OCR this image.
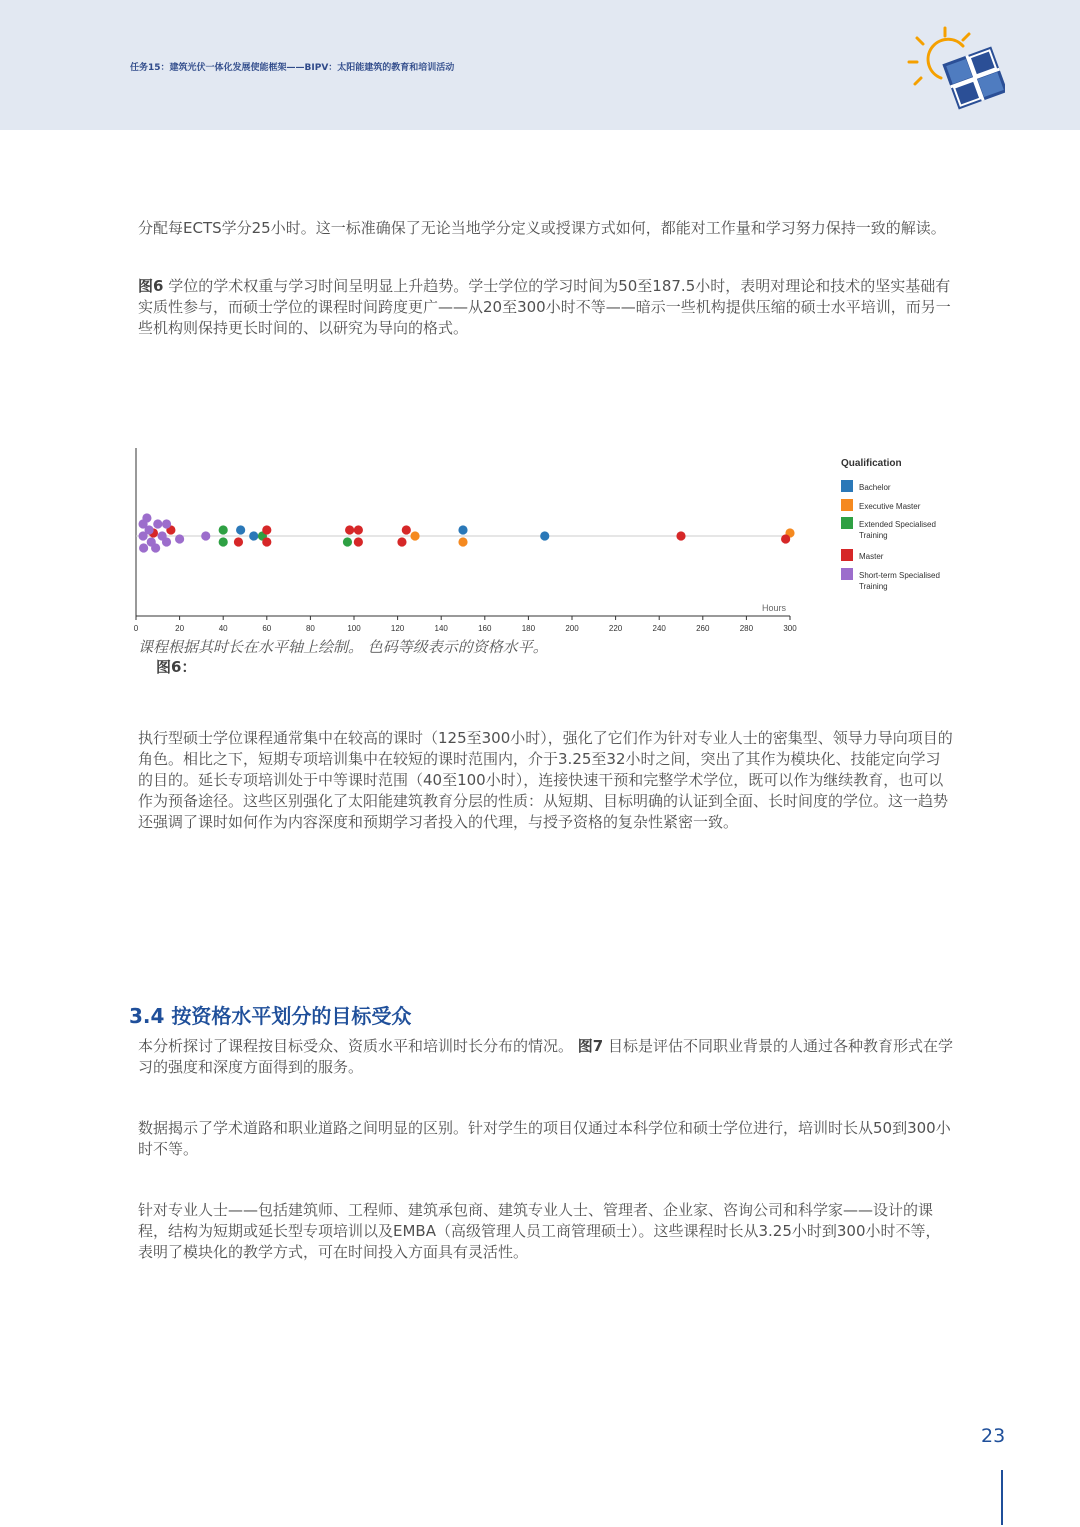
任务15：建筑光伏一体化发展使能框架——BIPV：太阳能建筑的教育和培训活动

分配每ECTS学分25小时。这一标准确保了无论当地学分定义或授课方式如何，都能对工作量和学习努力保持一致的解读。

图6 学位的学术权重与学习时间呈明显上升趋势。学士学位的学习时间为50至187.5小时，表明对理论和技术的坚实基础有实质性参与，而硕士学位的课程时间跨度更广——从20至300小时不等——暗示一些机构提供压缩的硕士水平培训，而另一些机构则保持更长时间的、以研究为导向的格式。

0	20	40	60	80	100	120	140	160	180	200	220	240	260	280	300
Hours
Qualification
Bachelor
Executive Master
Extended Specialised
Training
Master
Short-term Specialised
Training

课程根据其时长在水平轴上绘制。 色码等级表示的资格水平。图6：

执行型硕士学位课程通常集中在较高的课时（125至300小时），强化了它们作为针对专业人士的密集型、领导力导向项目的角色。相比之下，短期专项培训集中在较短的课时范围内，介于3.25至32小时之间，突出了其作为模块化、技能定向学习的目的。延长专项培训处于中等课时范围（40至100小时），连接快速干预和完整学术学位，既可以作为继续教育，也可以作为预备途径。这些区别强化了太阳能建筑教育分层的性质：从短期、目标明确的认证到全面、长时间度的学位。这一趋势还强调了课时如何作为内容深度和预期学习者投入的代理，与授予资格的复杂性紧密一致。

3.4 按资格水平划分的目标受众

本分析探讨了课程按目标受众、资质水平和培训时长分布的情况。 图7 目标是评估不同职业背景的人通过各种教育形式在学习的强度和深度方面得到的服务。

数据揭示了学术道路和职业道路之间明显的区别。针对学生的项目仅通过本科学位和硕士学位进行，培训时长从50到300小时不等。

针对专业人士——包括建筑师、工程师、建筑承包商、建筑专业人士、管理者、企业家、咨询公司和科学家——设计的课程，结构为短期或延长型专项培训以及EMBA（高级管理人员工商管理硕士）。这些课程时长从3.25小时到300小时不等，表明了模块化的教学方式，可在时间投入方面具有灵活性。

23
